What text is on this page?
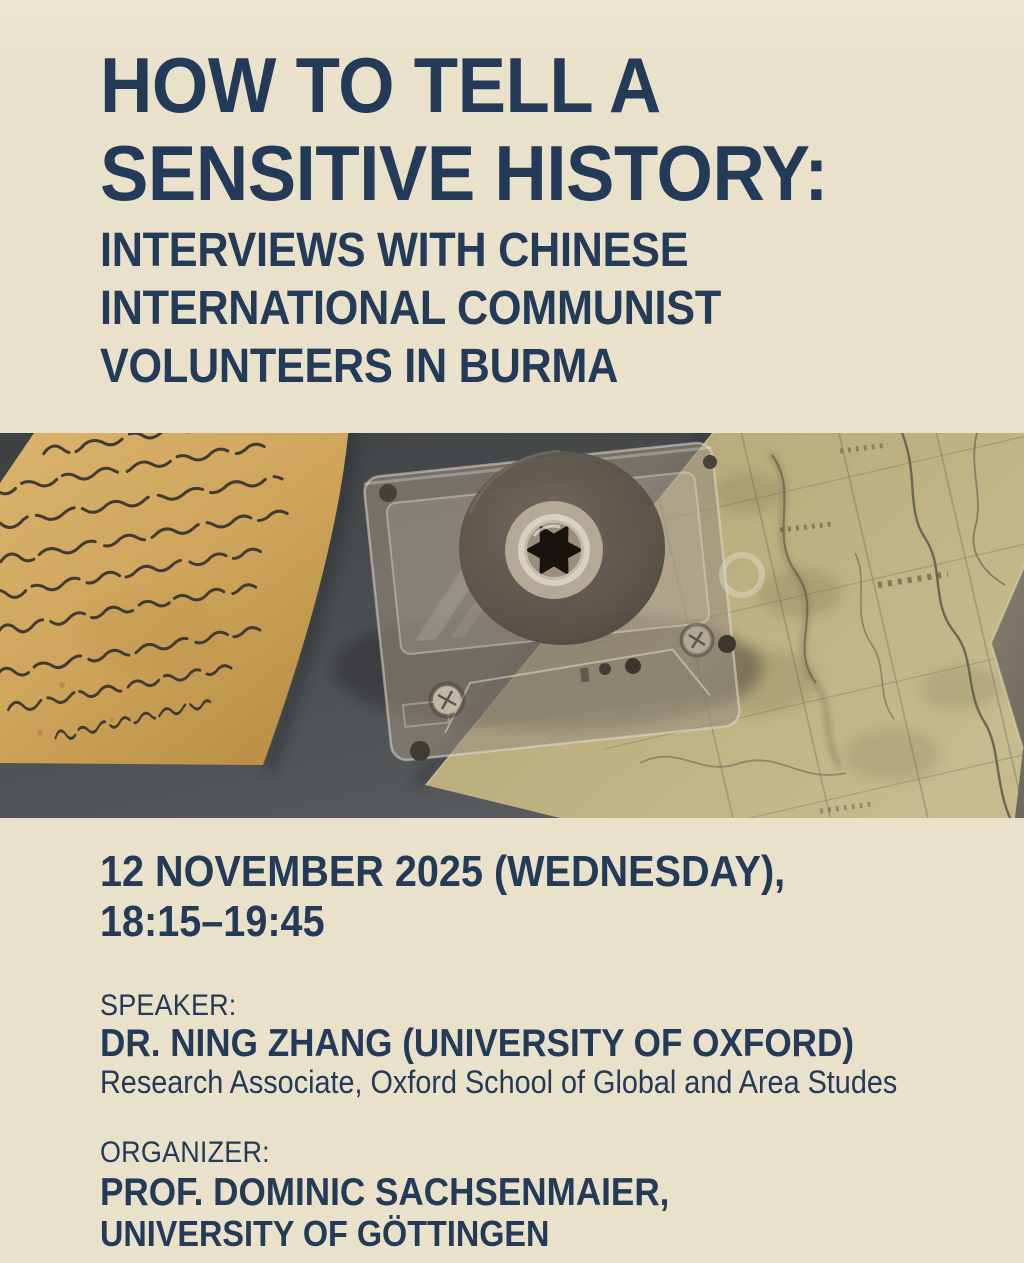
HOW TO TELL A
SENSITIVE HISTORY:
INTERVIEWS WITH CHINESE
INTERNATIONAL COMMUNIST
VOLUNTEERS IN BURMA
12 NOVEMBER 2025 (WEDNESDAY),
18:15–19:45
SPEAKER:
DR. NING ZHANG (UNIVERSITY OF OXFORD)
Research Associate, Oxford School of Global and Area Studes
ORGANIZER:
PROF. DOMINIC SACHSENMAIER,
UNIVERSITY OF GÖTTINGEN
